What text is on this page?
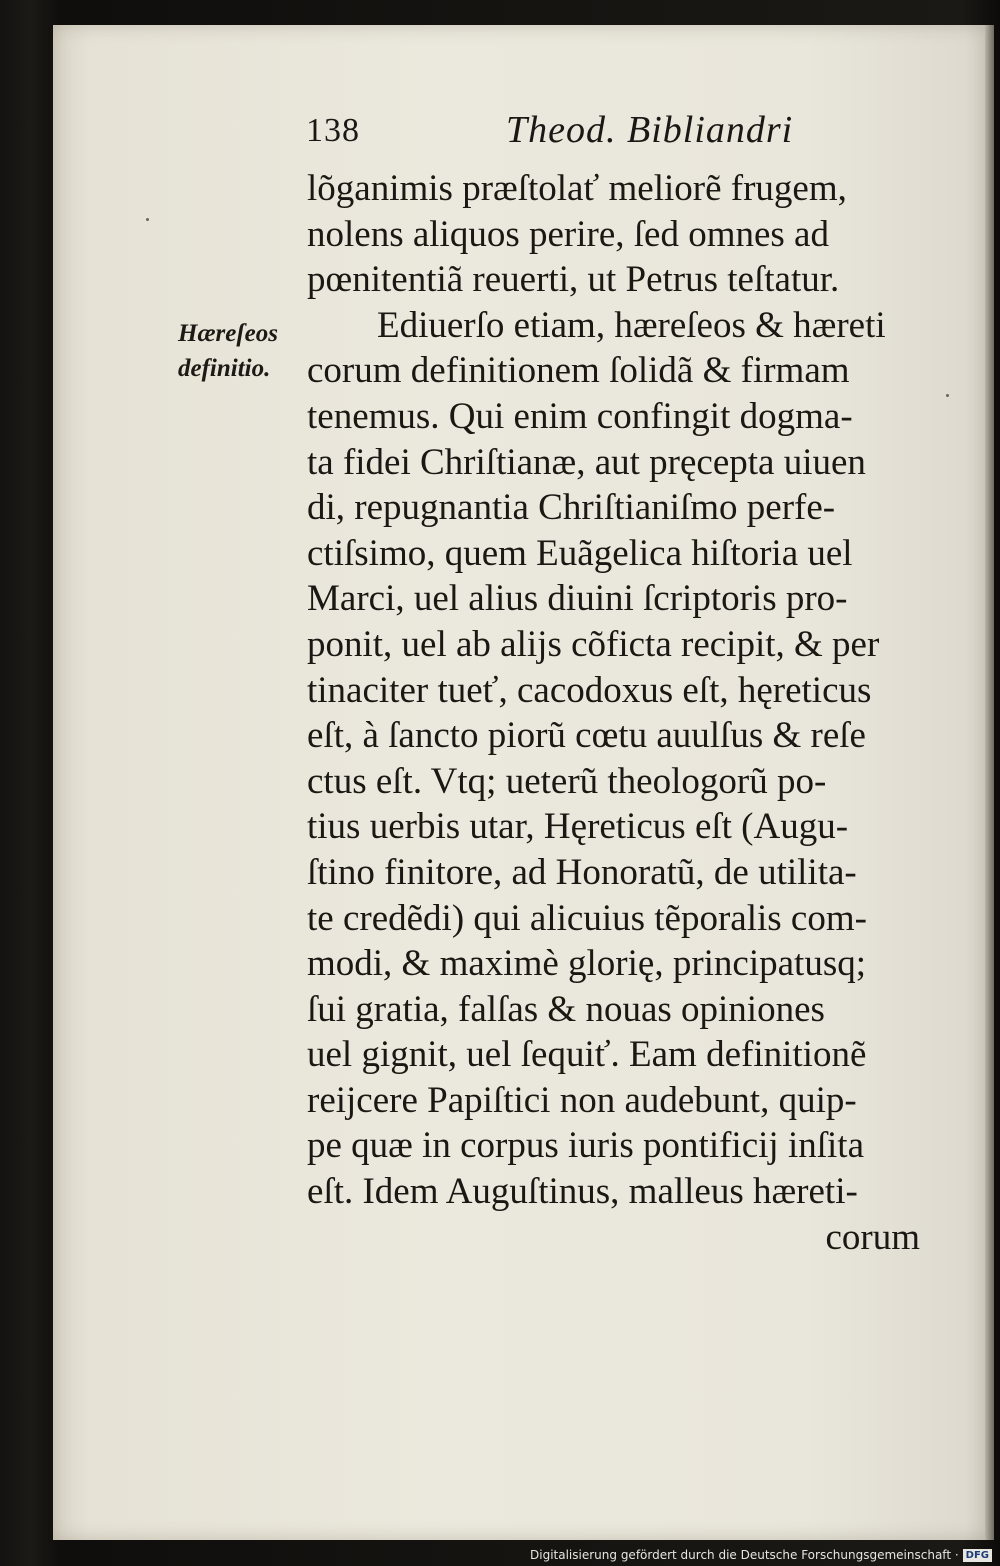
138	Theod. Bibliandri
Hæreſeos
definitio.
lõganimis præſtolať meliorẽ frugem,
nolens aliquos perire, ſed omnes ad
pœnitentiã reuerti, ut Petrus teſtatur.
Ediuerſo etiam, hæreſeos & hæreti
corum definitionem ſolidã & firmam
tenemus. Qui enim confingit dogma-
ta fidei Chriſtianæ, aut pręcepta uiuen
di, repugnantia Chriſtianiſmo perfe-
ctiſsimo, quem Euãgelica hiſtoria uel
Marci, uel alius diuini ſcriptoris pro-
ponit, uel ab alijs cõficta recipit, & per
tinaciter tueť, cacodoxus eſt, hęreticus
eſt, à ſancto piorũ cœtu auulſus & reſe
ctus eſt. Vtq; ueterũ theologorũ po-
tius uerbis utar, Hęreticus eſt (Augu-
ſtino finitore, ad Honoratũ, de utilita-
te credẽdi) qui alicuius tẽporalis com-
modi, & maximè glorię, principatusq;
ſui gratia, falſas & nouas opiniones
uel gignit, uel ſequiť. Eam definitionẽ
reijcere Papiſtici non audebunt, quip-
pe quæ in corpus iuris pontificij inſita
eſt. Idem Auguſtinus, malleus hæreti-
corum
Digitalisierung gefördert durch die Deutsche Forschungsgemeinschaft · DFG
